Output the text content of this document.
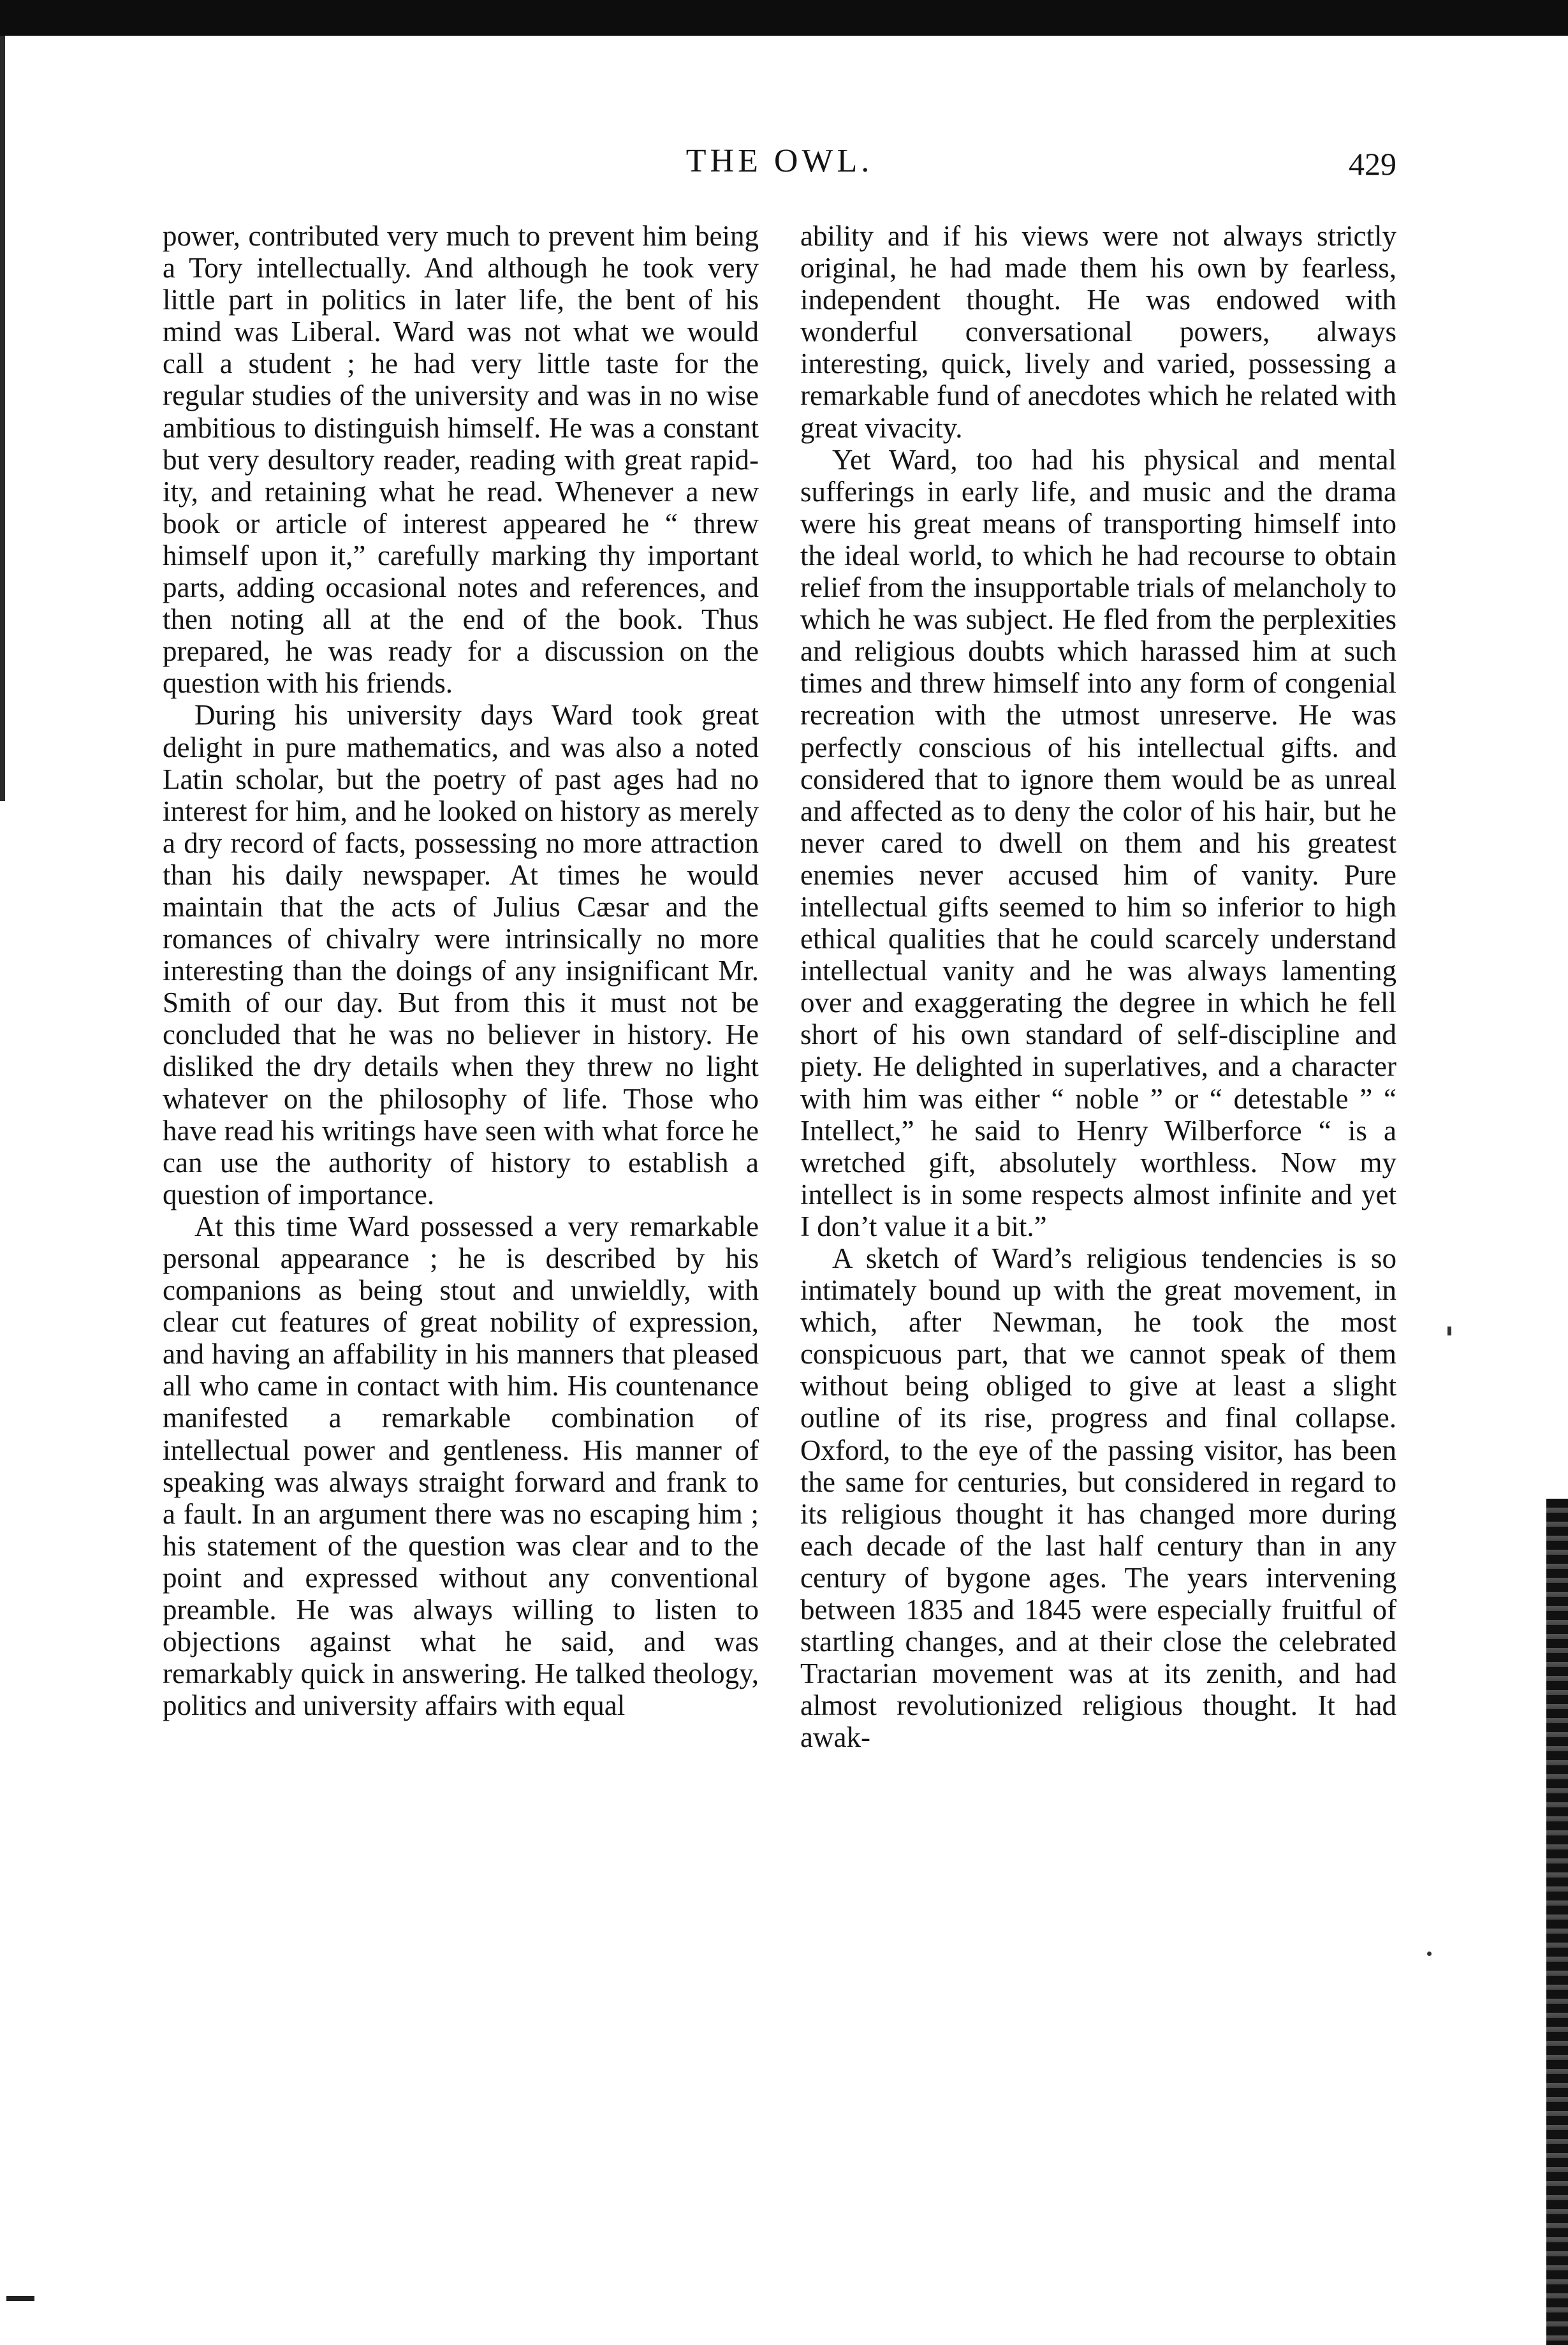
THE OWL.	429

power, contributed very much to prevent him being a Tory intellectually. And although he took very little part in politics in later life, the bent of his mind was Liberal. Ward was not what we would call a student ; he had very little taste for the regular studies of the university and was in no wise ambitious to distinguish himself. He was a constant but very desultory reader, reading with great rapidity, and retaining what he read. Whenever a new book or article of interest appeared he “ threw himself upon it,” carefully marking thy important parts, adding occasional notes and references, and then noting all at the end of the book. Thus prepared, he was ready for a discussion on the question with his friends.

During his university days Ward took great delight in pure mathematics, and was also a noted Latin scholar, but the poetry of past ages had no interest for him, and he looked on history as merely a dry record of facts, possessing no more attraction than his daily newspaper. At times he would maintain that the acts of Julius Cæsar and the romances of chivalry were intrinsically no more interesting than the doings of any insignificant Mr. Smith of our day. But from this it must not be concluded that he was no believer in history. He disliked the dry details when they threw no light whatever on the philosophy of life. Those who have read his writings have seen with what force he can use the authority of history to establish a question of importance.

At this time Ward possessed a very remarkable personal appearance ; he is described by his companions as being stout and unwieldly, with clear cut features of great nobility of expression, and having an affability in his manners that pleased all who came in contact with him. His countenance manifested a remarkable combination of intellectual power and gentleness. His manner of speaking was always straight forward and frank to a fault. In an argument there was no escaping him ; his statement of the question was clear and to the point and expressed without any conventional preamble. He was always willing to listen to objections against what he said, and was remarkably quick in answering. He talked theology, politics and university affairs with equal

ability and if his views were not always strictly original, he had made them his own by fearless, independent thought. He was endowed with wonderful conversational powers, always interesting, quick, lively and varied, possessing a remarkable fund of anecdotes which he related with great vivacity.

Yet Ward, too had his physical and mental sufferings in early life, and music and the drama were his great means of transporting himself into the ideal world, to which he had recourse to obtain relief from the insupportable trials of melancholy to which he was subject. He fled from the perplexities and religious doubts which harassed him at such times and threw himself into any form of congenial recreation with the utmost unreserve. He was perfectly conscious of his intellectual gifts. and considered that to ignore them would be as unreal and affected as to deny the color of his hair, but he never cared to dwell on them and his greatest enemies never accused him of vanity. Pure intellectual gifts seemed to him so inferior to high ethical qualities that he could scarcely understand intellectual vanity and he was always lamenting over and exaggerating the degree in which he fell short of his own standard of self-discipline and piety. He delighted in superlatives, and a character with him was either “ noble ” or “ detestable ” “ Intellect,” he said to Henry Wilberforce “ is a wretched gift, absolutely worthless. Now my intellect is in some respects almost infinite and yet I don’t value it a bit.”

A sketch of Ward’s religious tendencies is so intimately bound up with the great movement, in which, after Newman, he took the most conspicuous part, that we cannot speak of them without being obliged to give at least a slight outline of its rise, progress and final collapse. Oxford, to the eye of the passing visitor, has been the same for centuries, but considered in regard to its religious thought it has changed more during each decade of the last half century than in any century of bygone ages. The years intervening between 1835 and 1845 were especially fruitful of startling changes, and at their close the celebrated Tractarian movement was at its zenith, and had almost revolutionized religious thought. It had awak-
